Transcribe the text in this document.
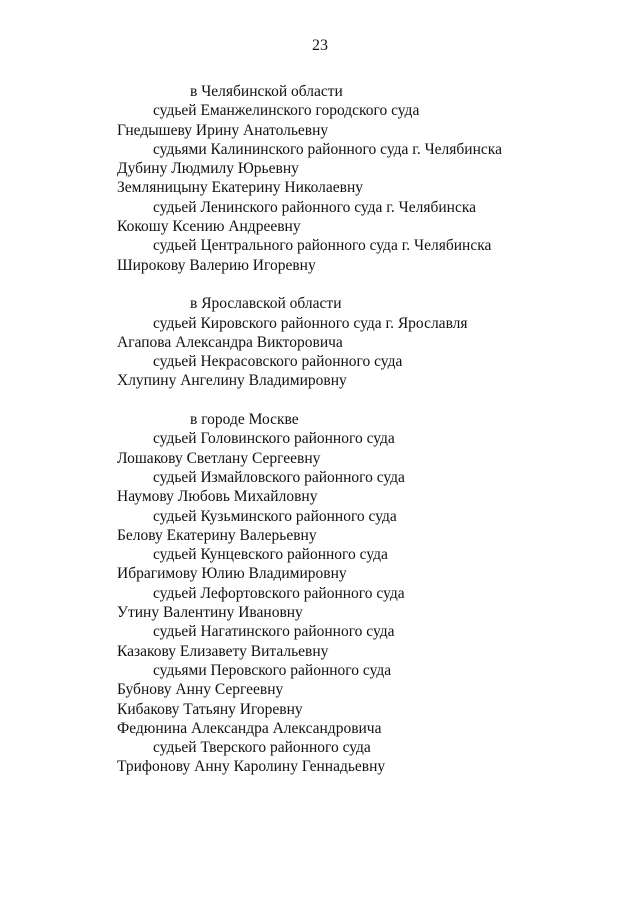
23
в Челябинской области
судьей Еманжелинского городского суда
Гнедышеву Ирину Анатольевну
судьями Калининского районного суда г. Челябинска
Дубину Людмилу Юрьевну
Земляницыну Екатерину Николаевну
судьей Ленинского районного суда г. Челябинска
Кокошу Ксению Андреевну
судьей Центрального районного суда г. Челябинска
Широкову Валерию Игоревну
в Ярославской области
судьей Кировского районного суда г. Ярославля
Агапова Александра Викторовича
судьей Некрасовского районного суда
Хлупину Ангелину Владимировну
в городе Москве
судьей Головинского районного суда
Лошакову Светлану Сергеевну
судьей Измайловского районного суда
Наумову Любовь Михайловну
судьей Кузьминского районного суда
Белову Екатерину Валерьевну
судьей Кунцевского районного суда
Ибрагимову Юлию Владимировну
судьей Лефортовского районного суда
Утину Валентину Ивановну
судьей Нагатинского районного суда
Казакову Елизавету Витальевну
судьями Перовского районного суда
Бубнову Анну Сергеевну
Кибакову Татьяну Игоревну
Федюнина Александра Александровича
судьей Тверского районного суда
Трифонову Анну Каролину Геннадьевну
